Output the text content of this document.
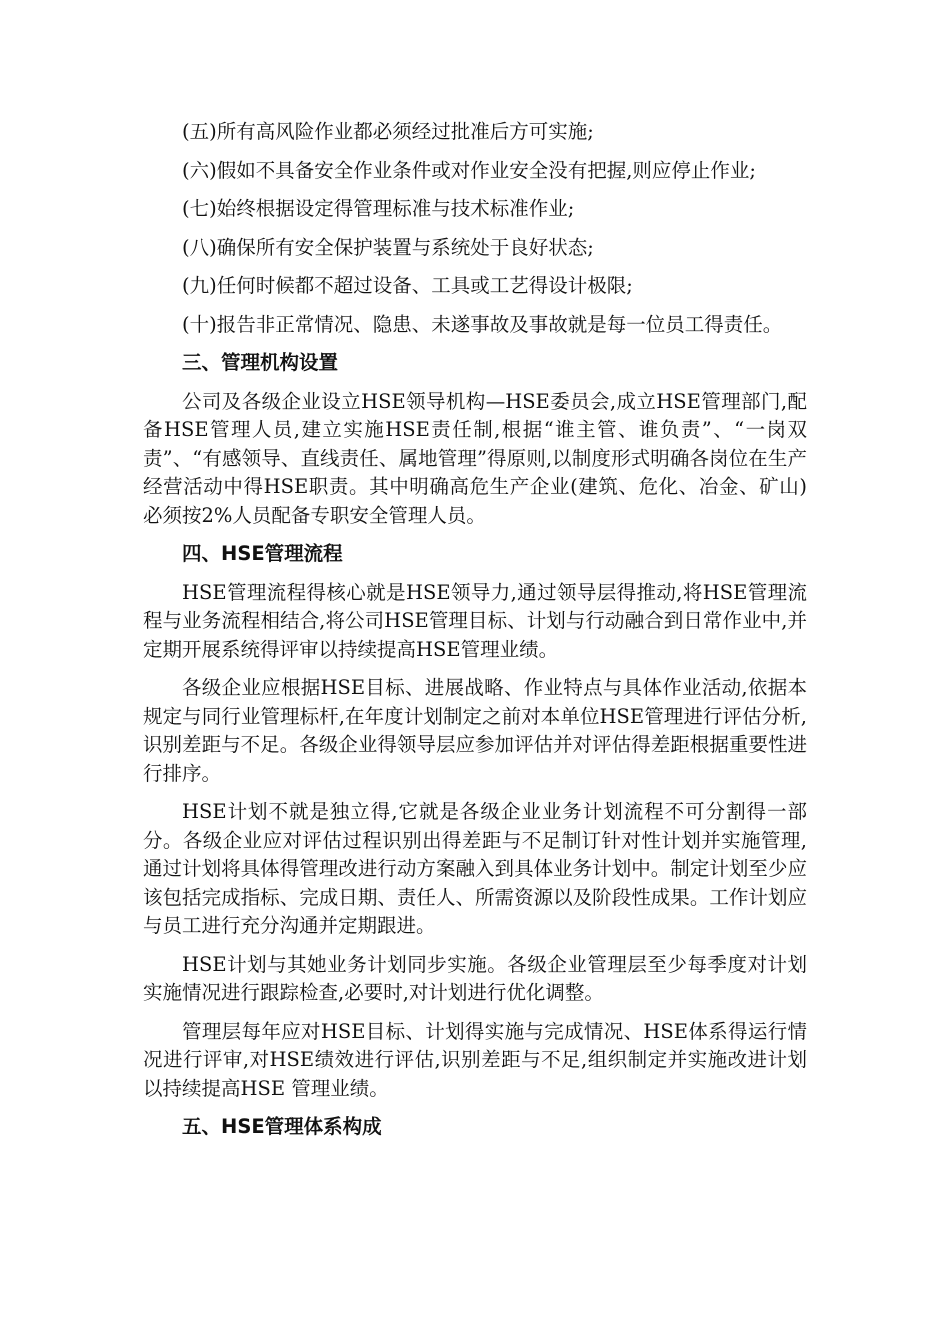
(五)所有高风险作业都必须经过批准后方可实施;

(六)假如不具备安全作业条件或对作业安全没有把握,则应停止作业;

(七)始终根据设定得管理标准与技术标准作业;

(八)确保所有安全保护装置与系统处于良好状态;

(九)任何时候都不超过设备、工具或工艺得设计极限;

(十)报告非正常情况、隐患、未遂事故及事故就是每一位员工得责任。

三、管理机构设置

公司及各级企业设立HSE领导机构—HSE委员会,成立HSE管理部门,配备HSE管理人员,建立实施HSE责任制,根据“谁主管、谁负责”、“一岗双责”、“有感领导、直线责任、属地管理”得原则,以制度形式明确各岗位在生产经营活动中得HSE职责。其中明确高危生产企业(建筑、危化、冶金、矿山)必须按2%人员配备专职安全管理人员。

四、HSE管理流程

HSE管理流程得核心就是HSE领导力,通过领导层得推动,将HSE管理流程与业务流程相结合,将公司HSE管理目标、计划与行动融合到日常作业中,并定期开展系统得评审以持续提高HSE管理业绩。

各级企业应根据HSE目标、进展战略、作业特点与具体作业活动,依据本规定与同行业管理标杆,在年度计划制定之前对本单位HSE管理进行评估分析,识别差距与不足。各级企业得领导层应参加评估并对评估得差距根据重要性进行排序。

HSE计划不就是独立得,它就是各级企业业务计划流程不可分割得一部分。各级企业应对评估过程识别出得差距与不足制订针对性计划并实施管理,通过计划将具体得管理改进行动方案融入到具体业务计划中。制定计划至少应该包括完成指标、完成日期、责任人、所需资源以及阶段性成果。工作计划应与员工进行充分沟通并定期跟进。

HSE计划与其她业务计划同步实施。各级企业管理层至少每季度对计划实施情况进行跟踪检查,必要时,对计划进行优化调整。

管理层每年应对HSE目标、计划得实施与完成情况、HSE体系得运行情况进行评审,对HSE绩效进行评估,识别差距与不足,组织制定并实施改进计划以持续提高HSE 管理业绩。

五、HSE管理体系构成
